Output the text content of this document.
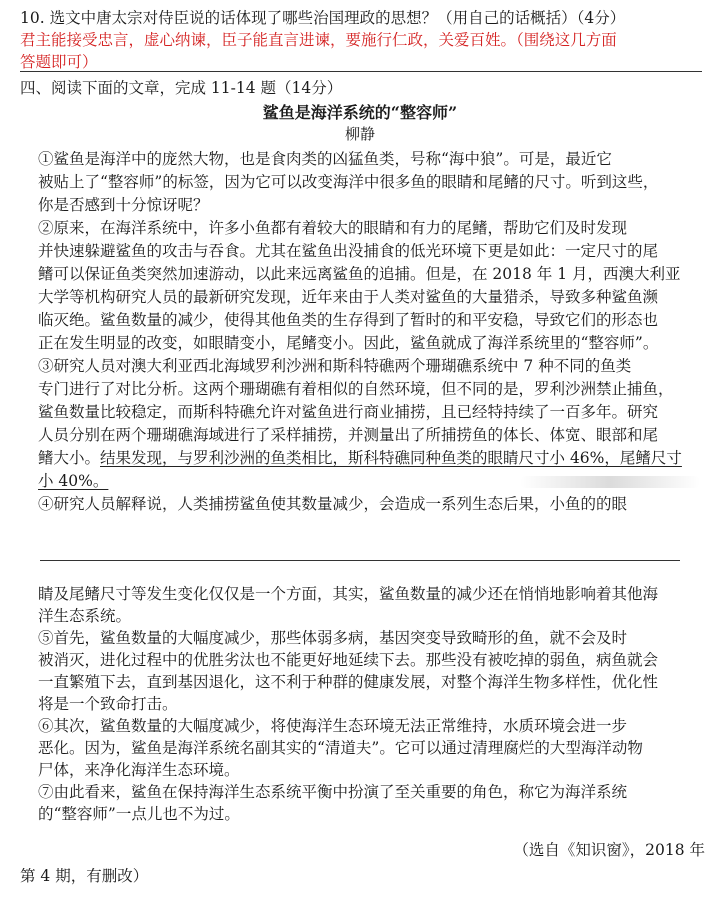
10. 选文中唐太宗对侍臣说的话体现了哪些治国理政的思想？（用自己的话概括）（4分）
君主能接受忠言，虚心纳谏，臣子能直言进谏，要施行仁政，关爱百姓。（围绕这几方面
答题即可）
四、阅读下面的文章，完成 11-14 题（14分）
鲨鱼是海洋系统的“整容师”
柳静
①鲨鱼是海洋中的庞然大物，也是食肉类的凶猛鱼类，号称“海中狼”。可是，最近它
被贴上了“整容师”的标签，因为它可以改变海洋中很多鱼的眼睛和尾鳍的尺寸。听到这些，
你是否感到十分惊讶呢？
②原来，在海洋系统中，许多小鱼都有着较大的眼睛和有力的尾鳍，帮助它们及时发现
并快速躲避鲨鱼的攻击与吞食。尤其在鲨鱼出没捕食的低光环境下更是如此：一定尺寸的尾
鳍可以保证鱼类突然加速游动，以此来远离鲨鱼的追捕。但是，在 2018 年 1 月，西澳大利亚
大学等机构研究人员的最新研究发现，近年来由于人类对鲨鱼的大量猎杀，导致多种鲨鱼濒
临灭绝。鲨鱼数量的减少，使得其他鱼类的生存得到了暂时的和平安稳，导致它们的形态也
正在发生明显的改变，如眼睛变小，尾鳍变小。因此，鲨鱼就成了海洋系统里的“整容师”。
③研究人员对澳大利亚西北海域罗利沙洲和斯科特礁两个珊瑚礁系统中 7 种不同的鱼类
专门进行了对比分析。这两个珊瑚礁有着相似的自然环境，但不同的是，罗利沙洲禁止捕鱼，
鲨鱼数量比较稳定，而斯科特礁允许对鲨鱼进行商业捕捞，且已经特持续了一百多年。研究
人员分别在两个珊瑚礁海域进行了采样捕捞，并测量出了所捕捞鱼的体长、体宽、眼部和尾
鳍大小。结果发现，与罗利沙洲的鱼类相比，斯科特礁同种鱼类的眼睛尺寸小 46%，尾鳍尺寸
小 40%。
④研究人员解释说，人类捕捞鲨鱼使其数量减少，会造成一系列生态后果，小鱼的的眼
睛及尾鳍尺寸等发生变化仅仅是一个方面，其实，鲨鱼数量的减少还在悄悄地影响着其他海
洋生态系统。
⑤首先，鲨鱼数量的大幅度减少，那些体弱多病，基因突变导致畸形的鱼，就不会及时
被消灭，进化过程中的优胜劣汰也不能更好地延续下去。那些没有被吃掉的弱鱼，病鱼就会
一直繁殖下去，直到基因退化，这不利于种群的健康发展，对整个海洋生物多样性，优化性
将是一个致命打击。
⑥其次，鲨鱼数量的大幅度减少，将使海洋生态环境无法正常维持，水质环境会进一步
恶化。因为，鲨鱼是海洋系统名副其实的“清道夫”。它可以通过清理腐烂的大型海洋动物
尸体，来净化海洋生态环境。
⑦由此看来，鲨鱼在保持海洋生态系统平衡中扮演了至关重要的角色，称它为海洋系统
的“整容师”一点儿也不为过。
（选自《知识窗》，2018 年
第 4 期，有删改）
